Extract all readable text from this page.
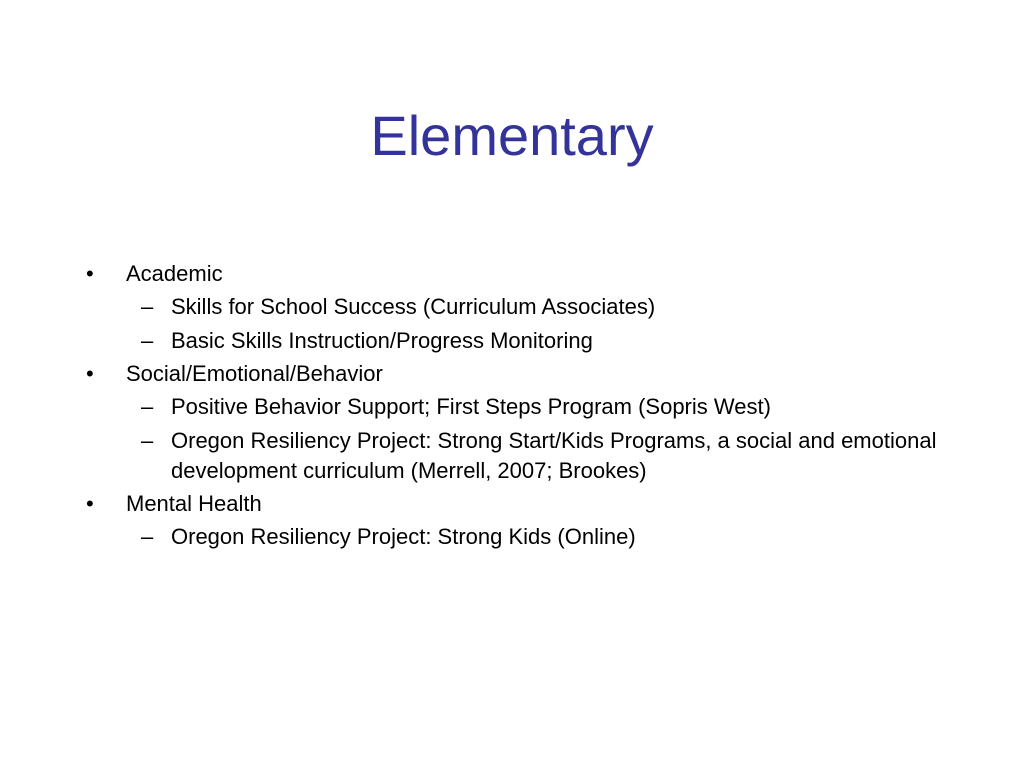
Elementary
•	Academic
– Skills for School Success (Curriculum Associates)
– Basic Skills Instruction/Progress Monitoring
•	Social/Emotional/Behavior
– Positive Behavior Support; First Steps Program (Sopris West)
– Oregon Resiliency Project: Strong Start/Kids Programs, a social and emotional development curriculum (Merrell, 2007; Brookes)
•	Mental Health
– Oregon Resiliency Project: Strong Kids (Online)
